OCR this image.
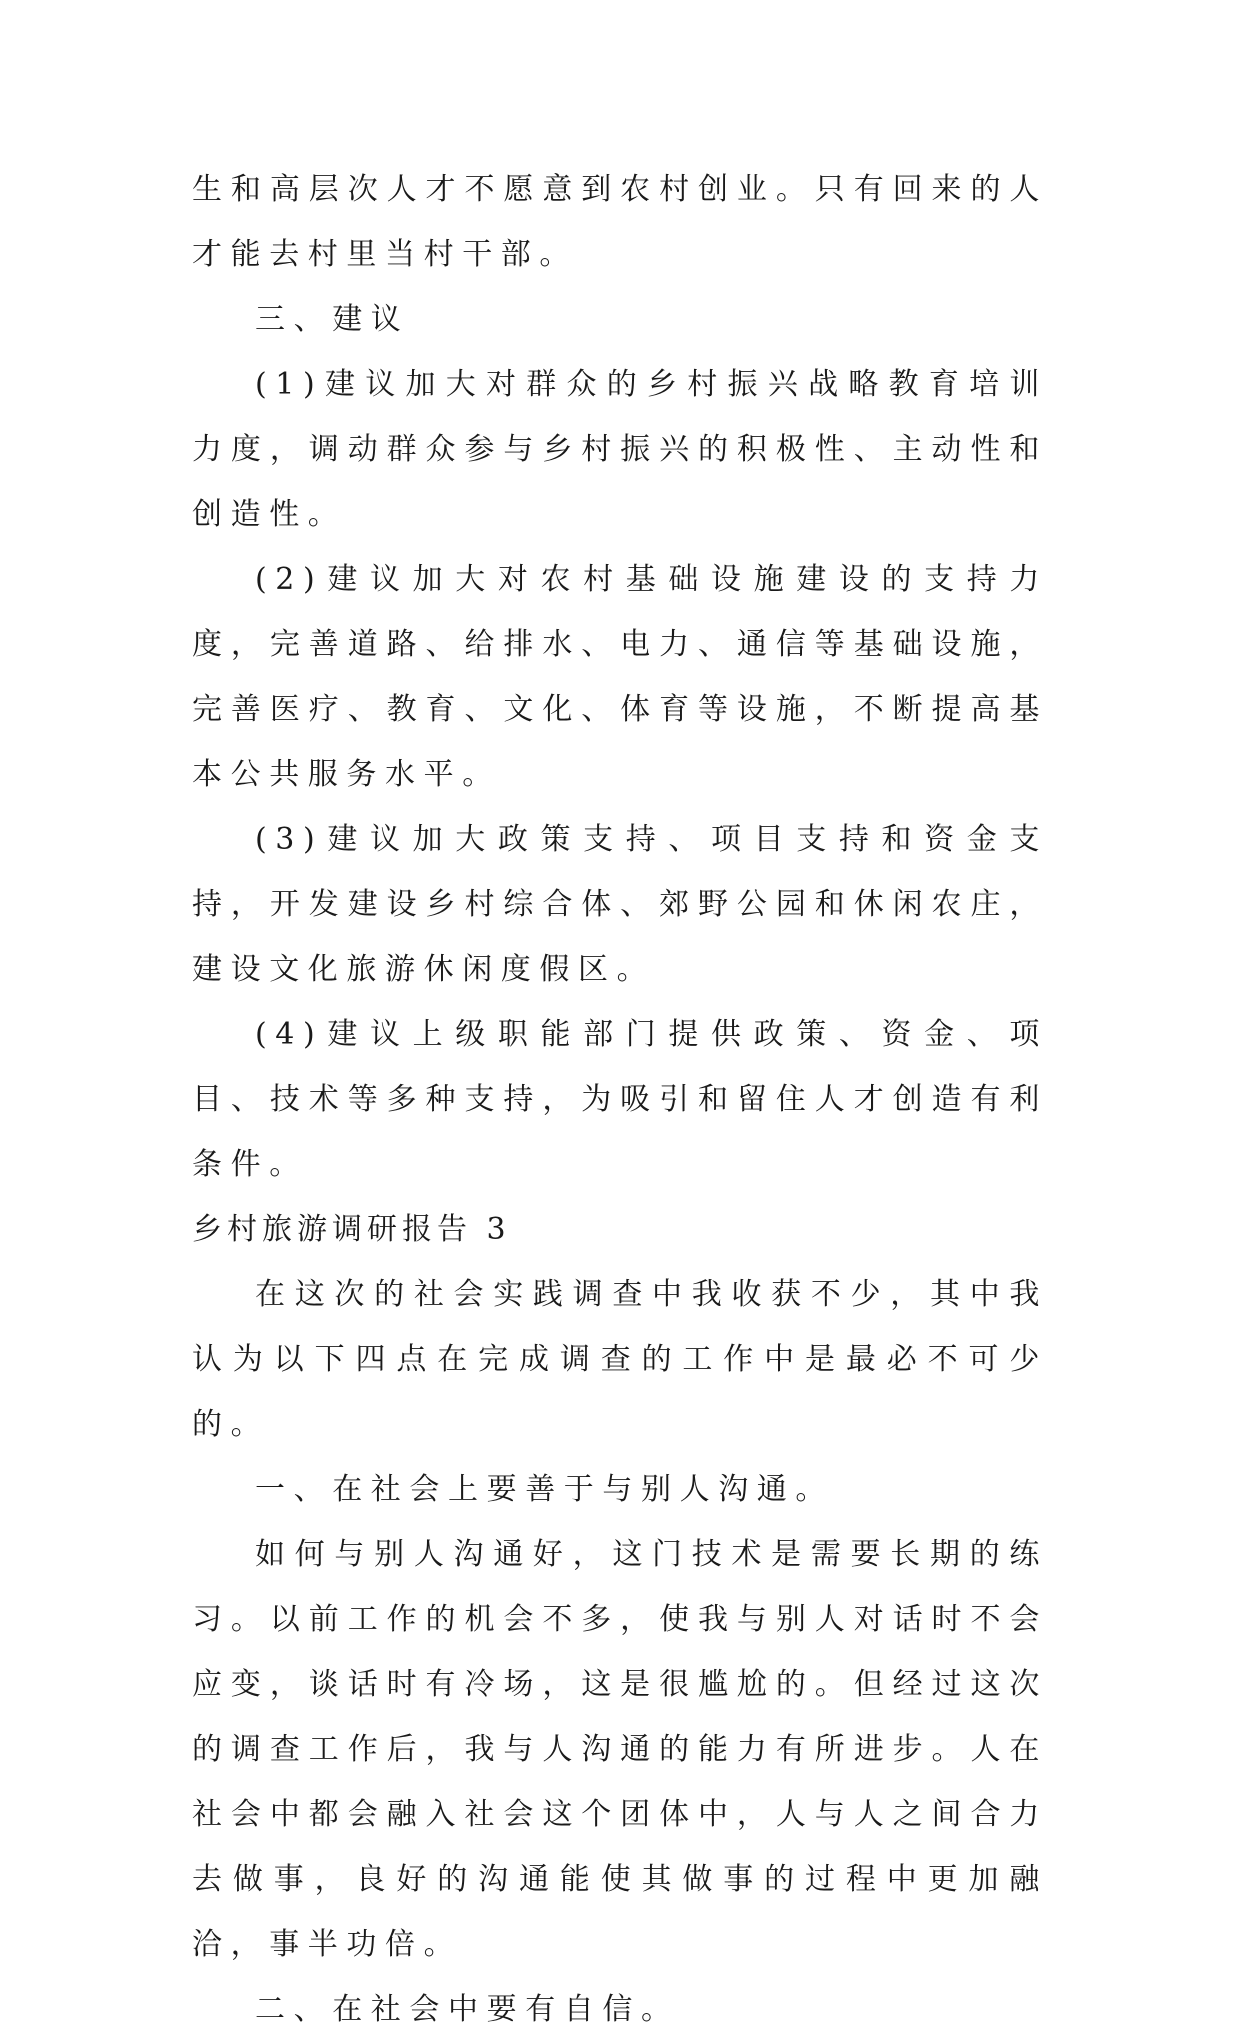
生和高层次人才不愿意到农村创业。只有回来的人才能去村里当村干部。

三、建议

(1)建议加大对群众的乡村振兴战略教育培训力度，调动群众参与乡村振兴的积极性、主动性和创造性。

(2)建议加大对农村基础设施建设的支持力度，完善道路、给排水、电力、通信等基础设施，完善医疗、教育、文化、体育等设施，不断提高基本公共服务水平。

(3)建议加大政策支持、项目支持和资金支持，开发建设乡村综合体、郊野公园和休闲农庄，建设文化旅游休闲度假区。

(4)建议上级职能部门提供政策、资金、项目、技术等多种支持，为吸引和留住人才创造有利条件。

乡村旅游调研报告 3

在这次的社会实践调查中我收获不少，其中我认为以下四点在完成调查的工作中是最必不可少的。

一、在社会上要善于与别人沟通。

如何与别人沟通好，这门技术是需要长期的练习。以前工作的机会不多，使我与别人对话时不会应变，谈话时有冷场，这是很尴尬的。但经过这次的调查工作后，我与人沟通的能力有所进步。人在社会中都会融入社会这个团体中，人与人之间合力去做事，良好的沟通能使其做事的过程中更加融洽，事半功倍。

二、在社会中要有自信。
